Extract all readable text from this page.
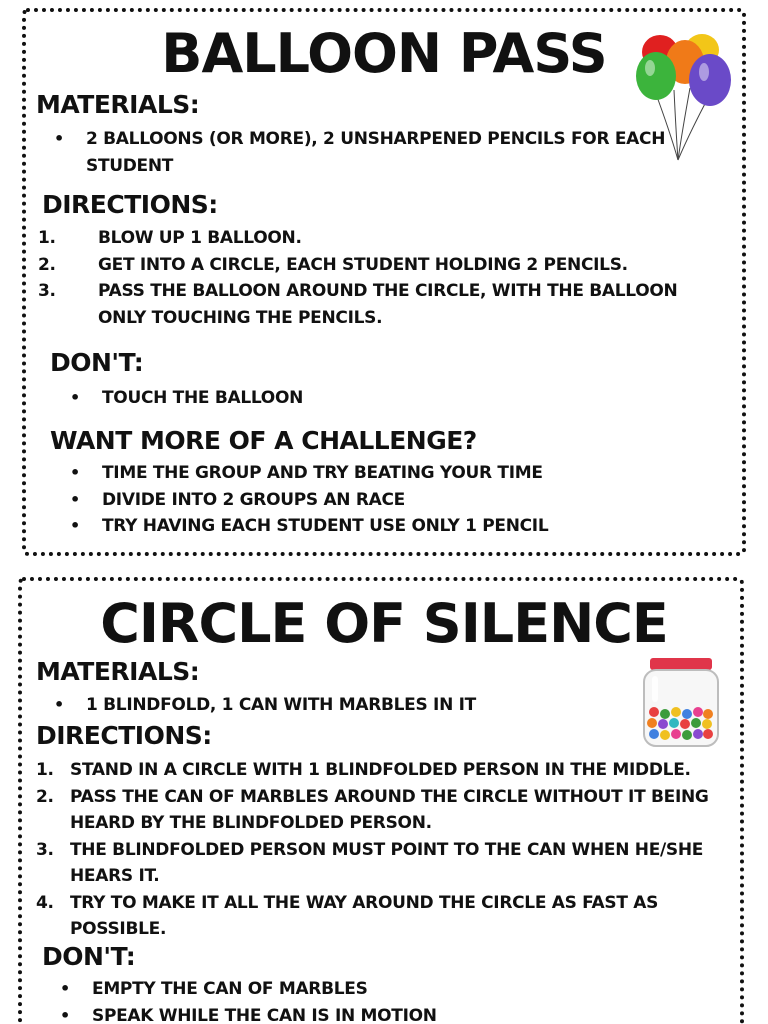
BALLOON PASS
MATERIALS:
• 2 BALLOONS (OR MORE), 2 UNSHARPENED PENCILS FOR EACH STUDENT
DIRECTIONS:
1. BLOW UP 1 BALLOON.
2. GET INTO A CIRCLE, EACH STUDENT HOLDING 2 PENCILS.
3. PASS THE BALLOON AROUND THE CIRCLE, WITH THE BALLOON ONLY TOUCHING THE PENCILS.
DON'T:
• TOUCH THE BALLOON
WANT MORE OF A CHALLENGE?
• TIME THE GROUP AND TRY BEATING YOUR TIME
• DIVIDE INTO 2 GROUPS AN RACE
• TRY HAVING EACH STUDENT USE ONLY 1 PENCIL
CIRCLE OF SILENCE
MATERIALS:
• 1 BLINDFOLD, 1 CAN WITH MARBLES IN IT
DIRECTIONS:
1. STAND IN A CIRCLE WITH 1 BLINDFOLDED PERSON IN THE MIDDLE.
2. PASS THE CAN OF MARBLES AROUND THE CIRCLE WITHOUT IT BEING HEARD BY THE BLINDFOLDED PERSON.
3. THE BLINDFOLDED PERSON MUST POINT TO THE CAN WHEN HE/SHE HEARS IT.
4. TRY TO MAKE IT ALL THE WAY AROUND THE CIRCLE AS FAST AS POSSIBLE.
DON'T:
• EMPTY THE CAN OF MARBLES
• SPEAK WHILE THE CAN IS IN MOTION
